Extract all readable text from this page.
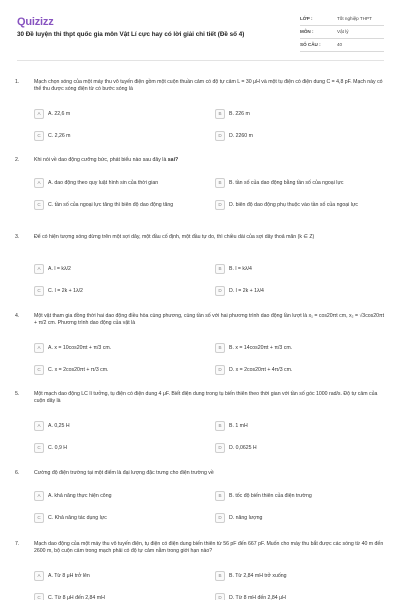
Quizizz
30 Đề luyện thi thpt quốc gia môn Vật Lí cực hay có lời giải chi tiết (Đề số 4)
LỚP :	Tốt nghiệp THPT
MÔN :	Vật lý
SỐ CÂU :	40
1.	Mạch chọn sóng của một máy thu vô tuyến điện gồm một cuộn thuần cảm có độ tự cảm L = 30 μH và một tụ điện có điện dung C = 4,8 pF. Mạch này có thể thu được sóng điện từ có bước sóng là
A	A. 22,6 m	B	B. 226 m
C	C. 2,26 m	D	D. 2260 m
2.	Khi nói về dao động cưỡng bức, phát biểu nào sau đây là sai?
A	A. dao động theo quy luật hình sin của thời gian	B	B. tần số của dao động bằng tần số của ngoại lực
C	C. tần số của ngoại lực tăng thì biên độ dao động tăng	D	D. biên độ dao động phụ thuộc vào tần số của ngoại lực
3.	Để có hiện tượng sóng dừng trên một sợi dây, một đầu cố định, một đầu tự do, thì chiều dài của sợi dây thoả mãn (k ∈ Z)
A	A. l = kλ/2	B	B. l = kλ/4
C	C. l = 2k + 1λ/2	D	D. l = 2k + 1λ/4
4.	Một vật tham gia đồng thời hai dao động điều hòa cùng phương, cùng tần số với hai phương trình dao động lần lượt là x₁ = cos20πt cm, x₂ = √3cos20πt + π/2 cm. Phương trình dao động của vật là
A	A. x = 10cos20πt + π/3 cm.	B	B. x = 14cos20πt + π/3 cm.
C	C. x = 2cos20πt + π/3 cm.	D	D. x = 2cos20πt + 4π/3 cm.
5.	Một mạch dao động LC lí tưởng, tụ điện có điện dung 4 μF. Biết điện dung trong tụ biến thiên theo thời gian với tần số góc 1000 rad/s. Độ tự cảm của cuộn dây là
A	A. 0,25 H	B	B. 1 mH
C	C. 0,9 H	D	D. 0,0625 H
6.	Cường độ điện trường tại một điểm là đại lượng đặc trưng cho điện trường về
A	A. khả năng thực hiện công	B	B. tốc độ biến thiên của điện trường
C	C. Khả năng tác dụng lực	D	D. năng lượng
7.	Mạch dao động của một máy thu vô tuyến điện, tụ điện có điện dung biến thiên từ 56 pF đến 667 pF. Muốn cho máy thu bắt được các sóng từ 40 m đến 2600 m, bộ cuộn cảm trong mạch phải có độ tự cảm nằm trong giới hạn nào?
A	A. Từ 8 μH trở lên	B	B. Từ 2,84 mH trở xuống
C	C. Từ 8 μH đến 2,84 mH	D	D. Từ 8 mH đến 2,84 μH
